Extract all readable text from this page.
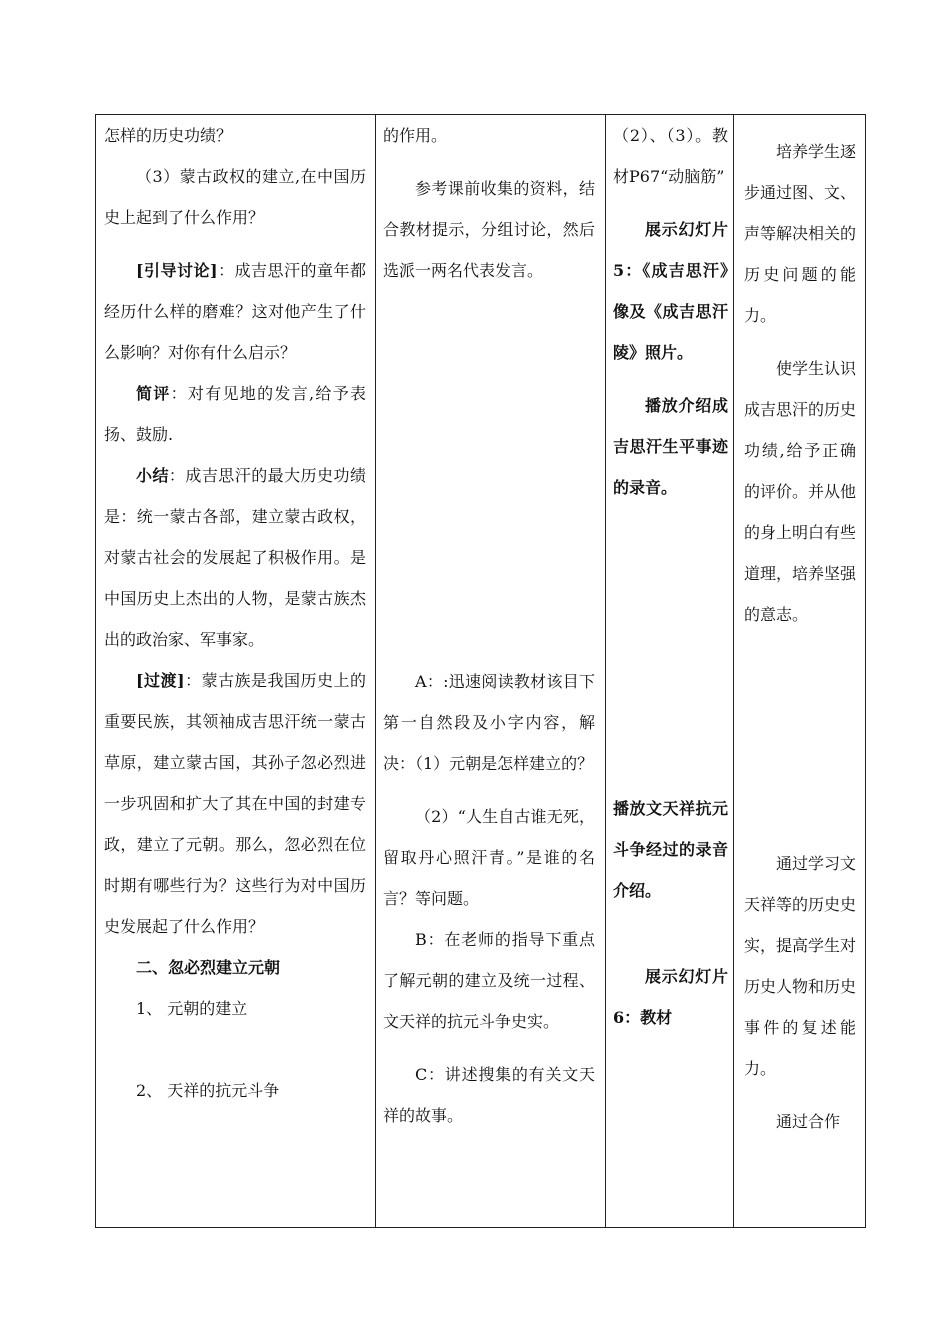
怎样的历史功绩？

（3）蒙古政权的建立,在中国历史上起到了什么作用？

[引导讨论]：成吉思汗的童年都经历什么样的磨难？这对他产生了什么影响？对你有什么启示？

简评：对有见地的发言,给予表扬、鼓励.

小结：成吉思汗的最大历史功绩是：统一蒙古各部，建立蒙古政权，对蒙古社会的发展起了积极作用。是中国历史上杰出的人物，是蒙古族杰出的政治家、军事家。

[过渡]：蒙古族是我国历史上的重要民族，其领袖成吉思汗统一蒙古草原，建立蒙古国，其孙子忽必烈进一步巩固和扩大了其在中国的封建专政，建立了元朝。那么，忽必烈在位时期有哪些行为？这些行为对中国历史发展起了什么作用？

二、忽必烈建立元朝

1、 元朝的建立

2、 天祥的抗元斗争

的作用。

参考课前收集的资料，结合教材提示，分组讨论，然后选派一两名代表发言。

A：:迅速阅读教材该目下第一自然段及小字内容，解决：（1）元朝是怎样建立的？

（2）“人生自古谁无死，留取丹心照汗青。”是谁的名言？等问题。

B：在老师的指导下重点了解元朝的建立及统一过程、文天祥的抗元斗争史实。

C：讲述搜集的有关文天祥的故事。

（2）、（3）。教材P67“动脑筋”

展示幻灯片5：《成吉思汗》像及《成吉思汗陵》照片。

播放介绍成吉思汗生平事迹的录音。

播放文天祥抗元斗争经过的录音介绍。

展示幻灯片6：教材

培养学生逐步通过图、文、声等解决相关的历史问题的能力。

使学生认识成吉思汗的历史功绩,给予正确的评价。并从他的身上明白有些道理，培养坚强的意志。

通过学习文天祥等的历史史实，提高学生对历史人物和历史事件的复述能力。

通过合作
